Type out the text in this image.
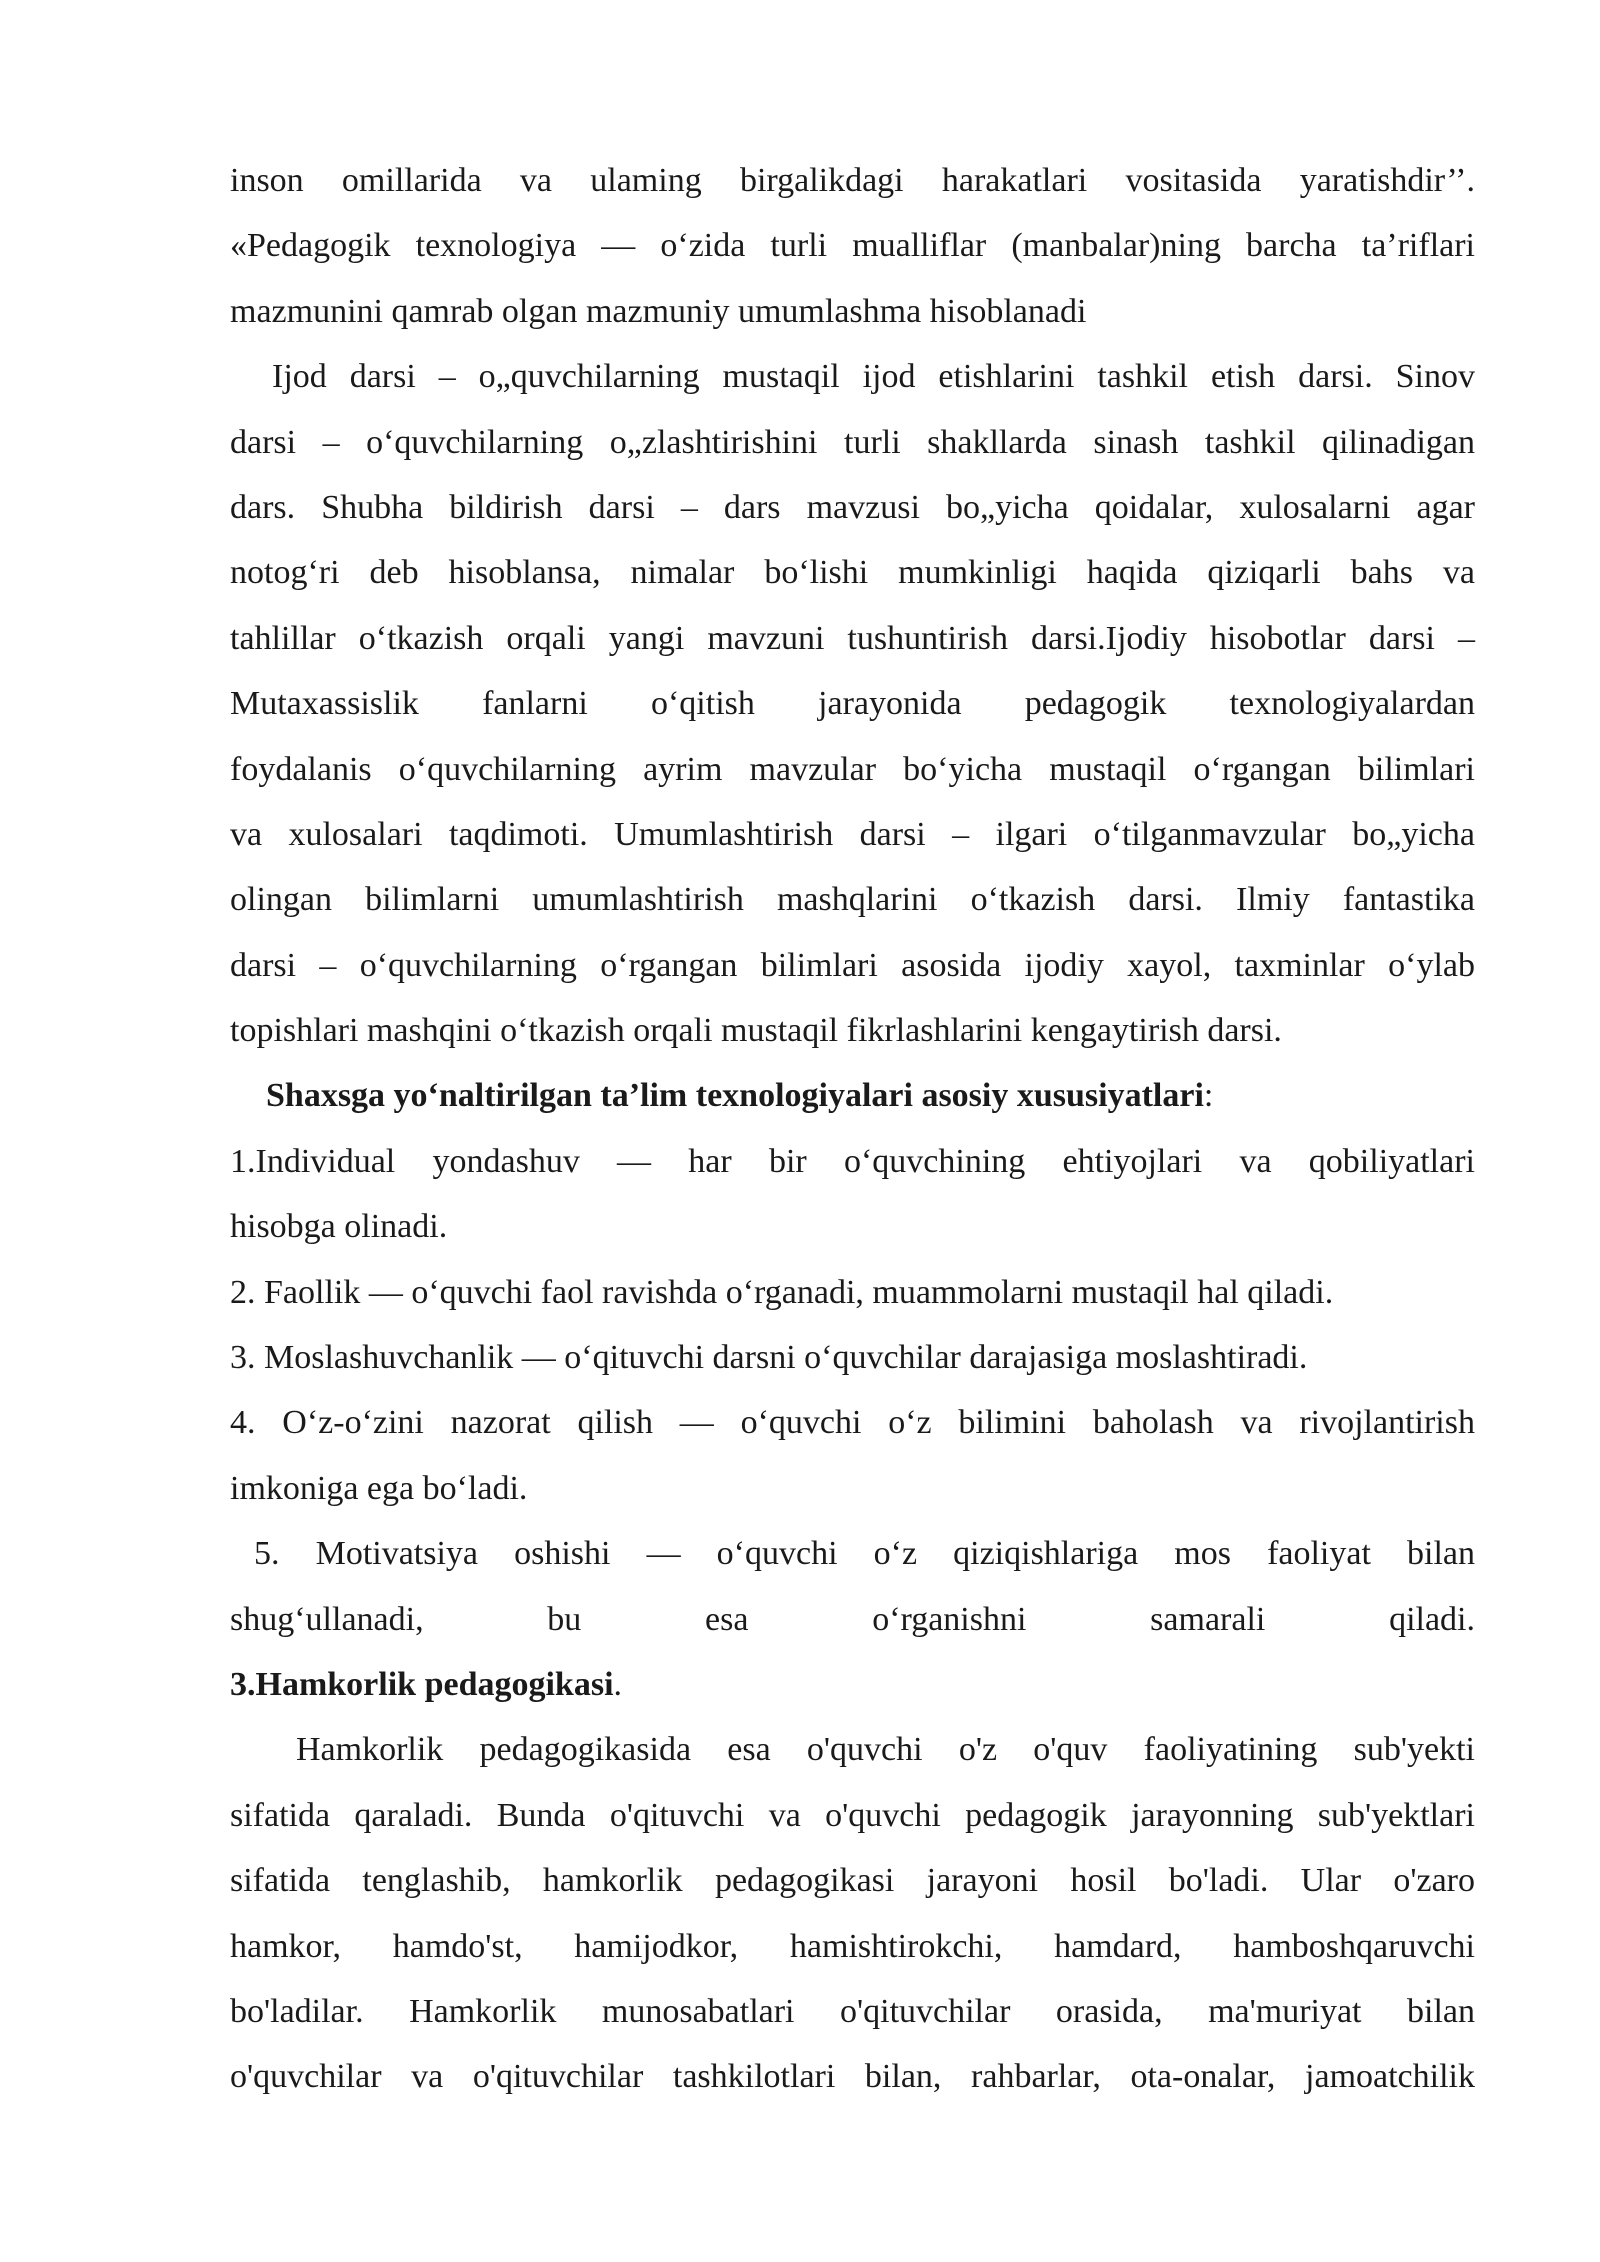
inson omillarida va ulaming birgalikdagi harakatlari vositasida yaratishdir’’.
«Pedagogik texnologiya — o‘zida turli mualliflar (manbalar)ning barcha ta’riflari
mazmunini qamrab olgan mazmuniy umumlashma hisoblanadi
Ijod darsi – o„quvchilarning mustaqil ijod etishlarini tashkil etish darsi. Sinov
darsi – o‘quvchilarning o„zlashtirishini turli shakllarda sinash tashkil qilinadigan
dars. Shubha bildirish darsi – dars mavzusi bo„yicha qoidalar, xulosalarni agar
notog‘ri deb hisoblansa, nimalar bo‘lishi mumkinligi haqida qiziqarli bahs va
tahlillar o‘tkazish orqali yangi mavzuni tushuntirish darsi.Ijodiy hisobotlar darsi –
Mutaxassislik fanlarni o‘qitish jarayonida pedagogik texnologiyalardan
foydalanis o‘quvchilarning ayrim mavzular bo‘yicha mustaqil o‘rgangan bilimlari
va xulosalari taqdimoti. Umumlashtirish darsi – ilgari o‘tilganmavzular bo„yicha
olingan bilimlarni umumlashtirish mashqlarini o‘tkazish darsi. Ilmiy fantastika
darsi – o‘quvchilarning o‘rgangan bilimlari asosida ijodiy xayol, taxminlar o‘ylab
topishlari mashqini o‘tkazish orqali mustaqil fikrlashlarini kengaytirish darsi.
Shaxsga yo‘naltirilgan ta’lim texnologiyalari asosiy xususiyatlari:
1.Individual yondashuv — har bir o‘quvchining ehtiyojlari va qobiliyatlari
hisobga olinadi.
2. Faollik — o‘quvchi faol ravishda o‘rganadi, muammolarni mustaqil hal qiladi.
3. Moslashuvchanlik — o‘qituvchi darsni o‘quvchilar darajasiga moslashtiradi.
4. O‘z-o‘zini nazorat qilish — o‘quvchi o‘z bilimini baholash va rivojlantirish
imkoniga ega bo‘ladi.
5. Motivatsiya oshishi — o‘quvchi o‘z qiziqishlariga mos faoliyat bilan
shug‘ullanadi, bu esa o‘rganishni samarali qiladi.
3.Hamkorlik pedagogikasi.
Hamkorlik pedagogikasida esa o'quvchi o'z o'quv faoliyatining sub'yekti
sifatida qaraladi. Bunda o'qituvchi va o'quvchi pedagogik jarayonning sub'yektlari
sifatida tenglashib, hamkorlik pedagogikasi jarayoni hosil bo'ladi. Ular o'zaro
hamkor, hamdo'st, hamijodkor, hamishtirokchi, hamdard, hamboshqaruvchi
bo'ladilar. Hamkorlik munosabatlari o'qituvchilar orasida, ma'muriyat bilan
o'quvchilar va o'qituvchilar tashkilotlari bilan, rahbarlar, ota-onalar, jamoatchilik
